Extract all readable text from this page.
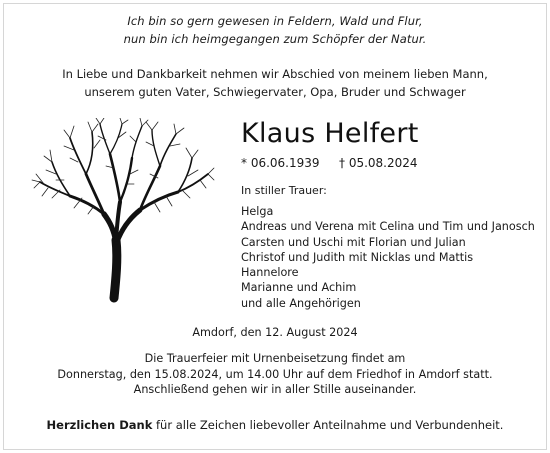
Ich bin so gern gewesen in Feldern, Wald und Flur,
nun bin ich heimgegangen zum Schöpfer der Natur.
In Liebe und Dankbarkeit nehmen wir Abschied von meinem lieben Mann,
unserem guten Vater, Schwiegervater, Opa, Bruder und Schwager
Klaus Helfert
* 06.06.1939 † 05.08.2024
In stiller Trauer:
Helga
Andreas und Verena mit Celina und Tim und Janosch
Carsten und Uschi mit Florian und Julian
Christof und Judith mit Nicklas und Mattis
Hannelore
Marianne und Achim
und alle Angehörigen
Amdorf, den 12. August 2024
Die Trauerfeier mit Urnenbeisetzung findet am
Donnerstag, den 15.08.2024, um 14.00 Uhr auf dem Friedhof in Amdorf statt.
Anschließend gehen wir in aller Stille auseinander.
Herzlichen Dank für alle Zeichen liebevoller Anteilnahme und Verbundenheit.
